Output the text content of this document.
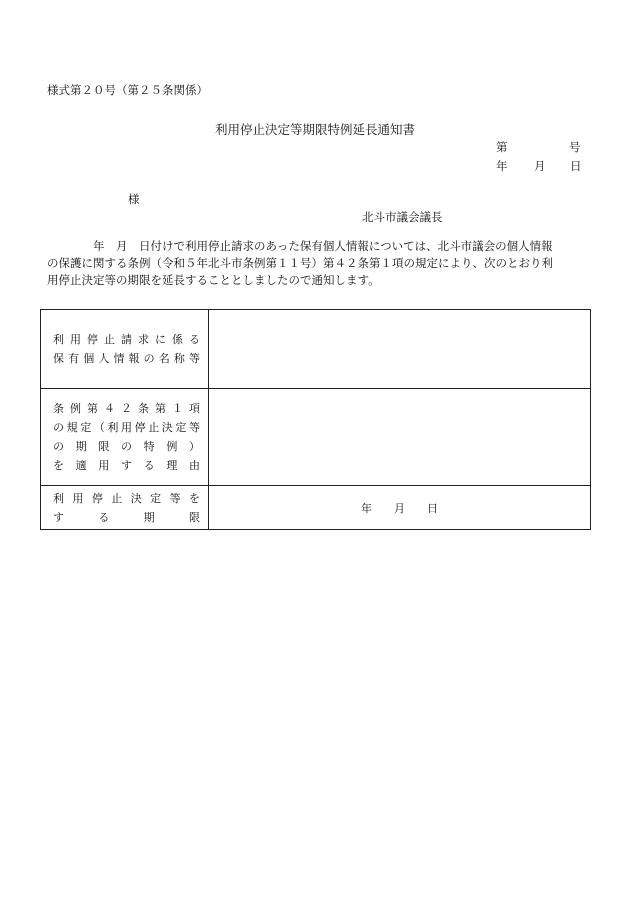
様式第２０号（第２５条関係）
利用停止決定等期限特例延長通知書
第	号
年 月 日
様
北斗市議会議長
　　　　年　月　日付けで利用停止請求のあった保有個人情報については、北斗市議会の個人情報
の保護に関する条例（令和５年北斗市条例第１１号）第４２条第１項の規定により、次のとおり利
用停止決定等の期限を延長することとしましたので通知します。
利用停止請求に係る
保有個人情報の名称等	

条例第４２条第１項
の規定（利用停止決定等
の期限の特例）
を適用する理由	

利用停止決定等を
する期限	年　　月　　日
